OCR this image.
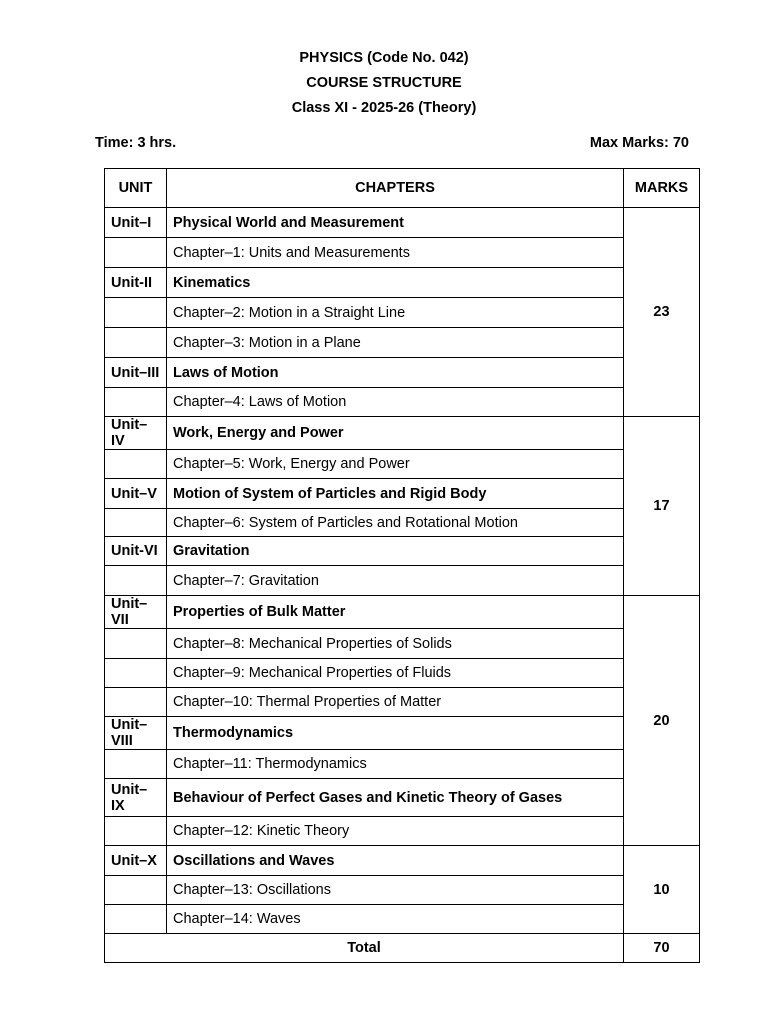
PHYSICS (Code No. 042)
COURSE STRUCTURE
Class XI - 2025-26 (Theory)
Time: 3 hrs.	Max Marks: 70
UNIT	CHAPTERS	MARKS
Unit–I	Physical World and Measurement	23
	Chapter–1: Units and Measurements	
Unit-II	Kinematics	
	Chapter–2: Motion in a Straight Line	
	Chapter–3: Motion in a Plane	
Unit–III	Laws of Motion	
	Chapter–4: Laws of Motion	
Unit–IV	Work, Energy and Power	17
	Chapter–5: Work, Energy and Power	
Unit–V	Motion of System of Particles and Rigid Body	
	Chapter–6: System of Particles and Rotational Motion	
Unit-VI	Gravitation	
	Chapter–7: Gravitation	
Unit–VII	Properties of Bulk Matter	20
	Chapter–8: Mechanical Properties of Solids	
	Chapter–9: Mechanical Properties of Fluids	
	Chapter–10: Thermal Properties of Matter	
Unit–VIII	Thermodynamics	
	Chapter–11: Thermodynamics	
Unit–IX	Behaviour of Perfect Gases and Kinetic Theory of Gases	
	Chapter–12: Kinetic Theory	
Unit–X	Oscillations and Waves	10
	Chapter–13: Oscillations	
	Chapter–14: Waves	
Total		70
